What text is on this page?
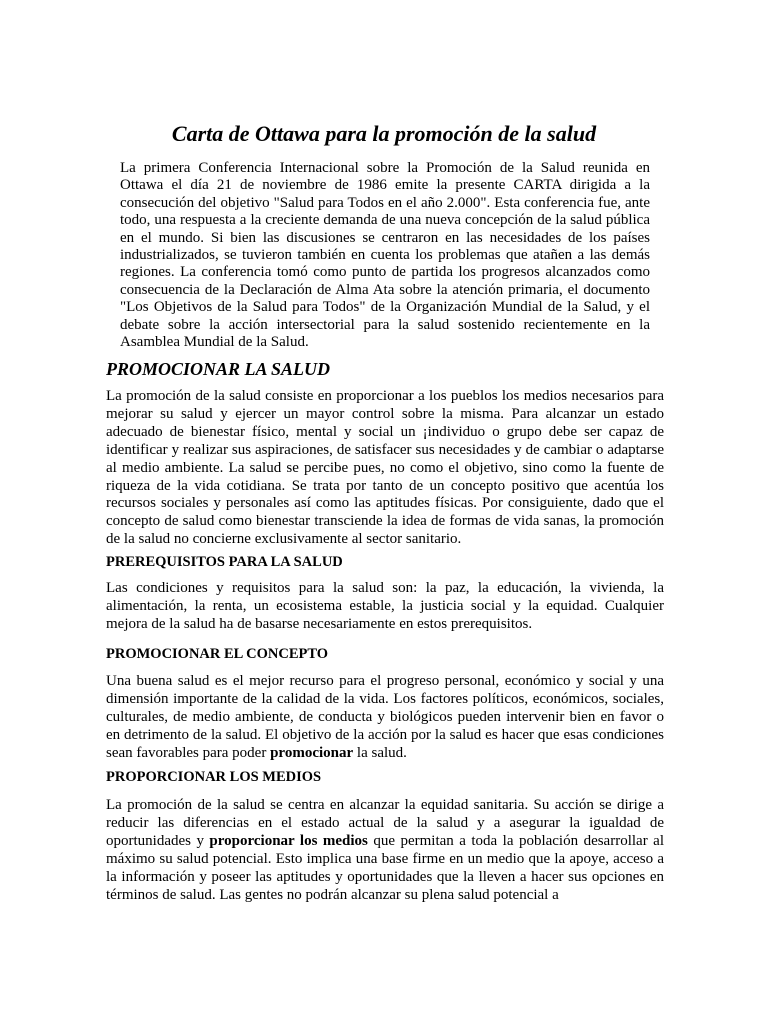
Carta de Ottawa para la promoción de la salud

La primera Conferencia Internacional sobre la Promoción de la Salud reunida en Ottawa el día 21 de noviembre de 1986 emite la presente CARTA dirigida a la consecución del objetivo "Salud para Todos en el año 2.000". Esta conferencia fue, ante todo, una respuesta a la creciente demanda de una nueva concepción de la salud pública en el mundo. Si bien las discusiones se centraron en las necesidades de los países industrializados, se tuvieron también en cuenta los problemas que atañen a las demás regiones. La conferencia tomó como punto de partida los progresos alcanzados como consecuencia de la Declaración de Alma Ata sobre la atención primaria, el documento "Los Objetivos de la Salud para Todos" de la Organización Mundial de la Salud, y el debate sobre la acción intersectorial para la salud sostenido recientemente en la Asamblea Mundial de la Salud.

PROMOCIONAR LA SALUD

La promoción de la salud consiste en proporcionar a los pueblos los medios necesarios para mejorar su salud y ejercer un mayor control sobre la misma. Para alcanzar un estado adecuado de bienestar físico, mental y social un ¡individuo o grupo debe ser capaz de identificar y realizar sus aspiraciones, de satisfacer sus necesidades y de cambiar o adaptarse al medio ambiente. La salud se percibe pues, no como el objetivo, sino como la fuente de riqueza de la vida cotidiana. Se trata por tanto de un concepto positivo que acentúa los recursos sociales y personales así como las aptitudes físicas. Por consiguiente, dado que el concepto de salud como bienestar transciende la idea de formas de vida sanas, la promoción de la salud no concierne exclusivamente al sector sanitario.

PREREQUISITOS PARA LA SALUD

Las condiciones y requisitos para la salud son: la paz, la educación, la vivienda, la alimentación, la renta, un ecosistema estable, la justicia social y la equidad. Cualquier mejora de la salud ha de basarse necesariamente en estos prerequisitos.

PROMOCIONAR EL CONCEPTO

Una buena salud es el mejor recurso para el progreso personal, económico y social y una dimensión importante de la calidad de la vida. Los factores políticos, económicos, sociales, culturales, de medio ambiente, de conducta y biológicos pueden intervenir bien en favor o en detrimento de la salud. El objetivo de la acción por la salud es hacer que esas condiciones sean favorables para poder promocionar la salud.

PROPORCIONAR LOS MEDIOS

La promoción de la salud se centra en alcanzar la equidad sanitaria. Su acción se dirige a reducir las diferencias en el estado actual de la salud y a asegurar la igualdad de oportunidades y proporcionar los medios que permitan a toda la población desarrollar al máximo su salud potencial. Esto implica una base firme en un medio que la apoye, acceso a la información y poseer las aptitudes y oportunidades que la lleven a hacer sus opciones en términos de salud. Las gentes no podrán alcanzar su plena salud potencial a
